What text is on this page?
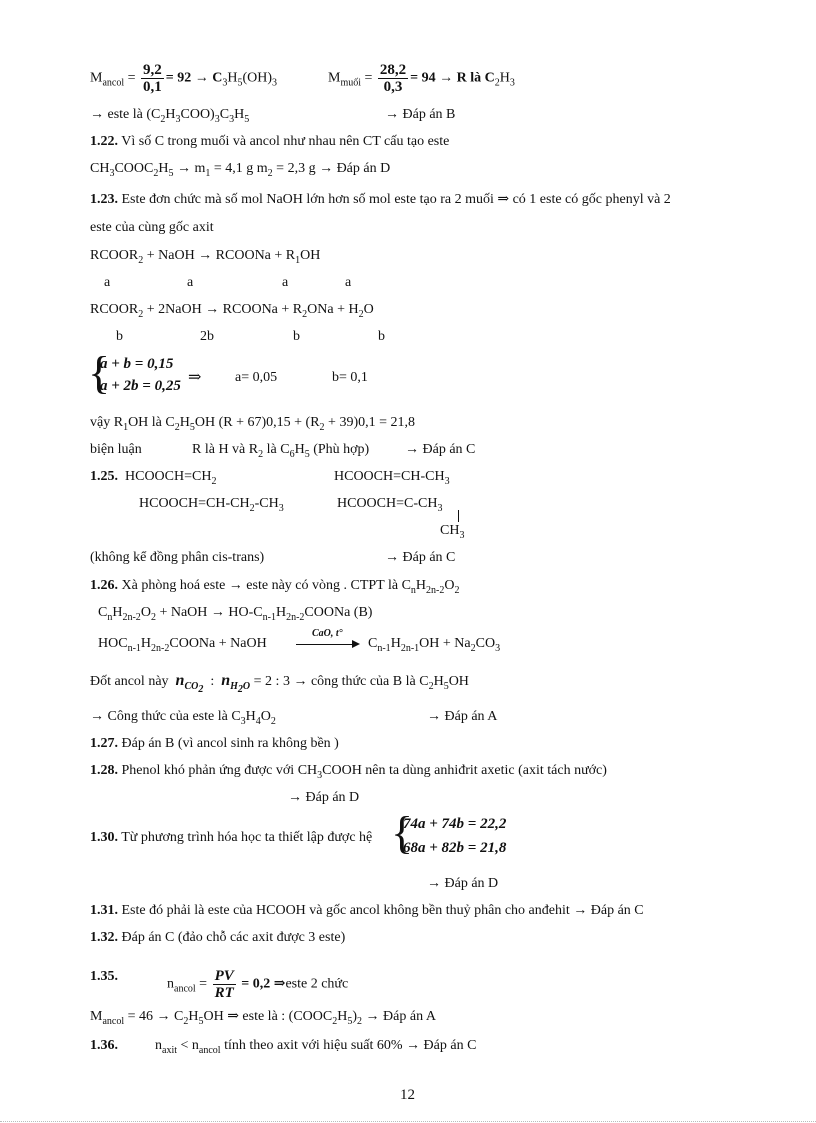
$M_{ancol} = \frac{9,2}{0,1} = 92 \to C_3H_5(OH)_3$	$M_{muối} = \frac{28,2}{0,3} = 94 \to R$ là $C_2H_3$
→ este là $(C_2H_3COO)_3C_3H_5$	→ Đáp án B
1.22. Vì số C trong muối và ancol như nhau nên CT cấu tạo este
$CH_3COOC_2H_5 \to m_1 = 4,1$ g $m_2 = 2,3$ g → Đáp án D
1.23. Este đơn chức mà số mol NaOH lớn hơn số mol este tạo ra 2 muối ⇒ có 1 este có gốc phenyl và 2
este của cùng gốc axit
$RCOOR_2$ + NaOH → RCOONa + $R_1OH$
a	a	a	a
$RCOOR_2$ + 2NaOH → RCOONa + $R_2ONa + H_2O$
b	2b	b	b
{
a + b = 0,15
a + 2b = 0,25 ⇒ a= 0,05	b= 0,1
vậy $R_1OH$ là $C_2H_5OH$ $(R + 67)0,15 + (R_2 + 39)0,1 = 21,8$
biện luận	R là H và $R_2$ là $C_6H_5$ (Phù hợp)	→ Đáp án C
1.25. $HCOOCH=CH_2$	$HCOOCH=CH-CH_3$
$HCOOCH=CH-CH_2-CH_3$	$HCOOCH=C-CH_3$
$CH_3$
(không kể đồng phân cis-trans)	→ Đáp án C
1.26. Xà phòng hoá este → este này có vòng . CTPT là $C_nH_{2n-2}O_2$
$C_nH_{2n-2}O_2$ + NaOH → $HO-C_{n-1}H_{2n-2}COONa$ (B)
$HOC_{n-1}H_{2n-2}COONa$ + NaOH
CaO, t°
$C_{n-1}H_{2n-1}OH + Na_2CO_3$
Đốt ancol này $n_{CO_2}$  : $n_{H_2O} = 2$ : 3 → công thức của B là $C_2H_5OH$
→ Công thức của este là $C_3H_4O_2$	→ Đáp án A
1.27. Đáp án B (vì ancol sinh ra không bền )
1.28. Phenol khó phản ứng được với $CH_3COOH$ nên ta dùng anhiđrit axetic (axit tách nước)
→ Đáp án D
1.30. Từ phương trình hóa học ta thiết lập được hệ {
74a + 74b = 22,2
68a + 82b = 21,8
→ Đáp án D
1.31. Este đó phải là este của HCOOH và gốc ancol không bền thuỷ phân cho anđehit → Đáp án C
1.32. Đáp án C (đảo chỗ các axit được 3 este)
1.35.
$n_{ancol} = \frac{PV}{RT} = 0,2$ ⇒este 2 chức
$M_{ancol} = 46 \to C_2H_5OH$ ⇒ este là : $(COOC_2H_5)_2$ → Đáp án A
1.36.	$n_{axit} < n_{ancol}$ tính theo axit với hiệu suất 60% → Đáp án C
12
